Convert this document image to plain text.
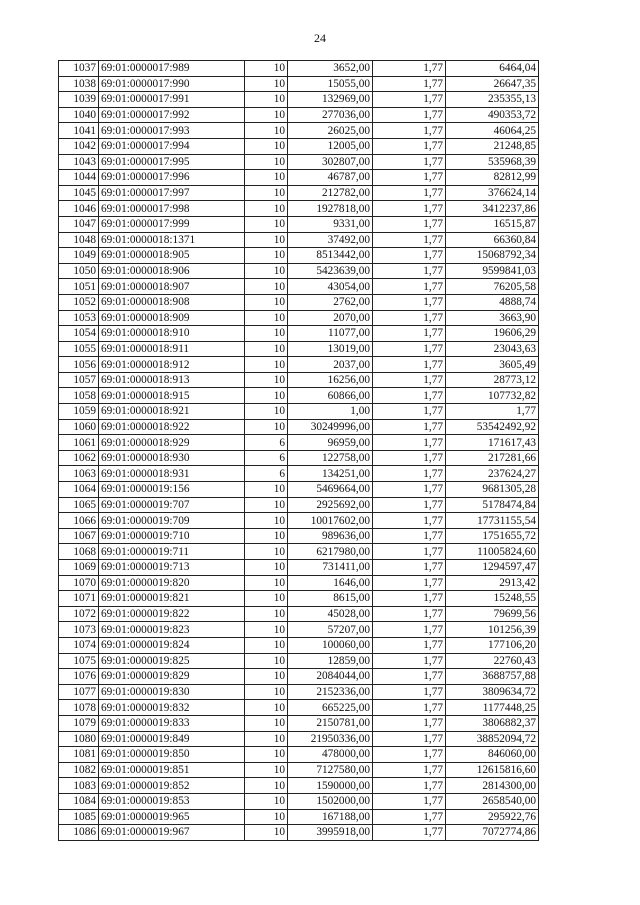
24
1037	69:01:0000017:989	10	3652,00	1,77	6464,04
1038	69:01:0000017:990	10	15055,00	1,77	26647,35
1039	69:01:0000017:991	10	132969,00	1,77	235355,13
1040	69:01:0000017:992	10	277036,00	1,77	490353,72
1041	69:01:0000017:993	10	26025,00	1,77	46064,25
1042	69:01:0000017:994	10	12005,00	1,77	21248,85
1043	69:01:0000017:995	10	302807,00	1,77	535968,39
1044	69:01:0000017:996	10	46787,00	1,77	82812,99
1045	69:01:0000017:997	10	212782,00	1,77	376624,14
1046	69:01:0000017:998	10	1927818,00	1,77	3412237,86
1047	69:01:0000017:999	10	9331,00	1,77	16515,87
1048	69:01:0000018:1371	10	37492,00	1,77	66360,84
1049	69:01:0000018:905	10	8513442,00	1,77	15068792,34
1050	69:01:0000018:906	10	5423639,00	1,77	9599841,03
1051	69:01:0000018:907	10	43054,00	1,77	76205,58
1052	69:01:0000018:908	10	2762,00	1,77	4888,74
1053	69:01:0000018:909	10	2070,00	1,77	3663,90
1054	69:01:0000018:910	10	11077,00	1,77	19606,29
1055	69:01:0000018:911	10	13019,00	1,77	23043,63
1056	69:01:0000018:912	10	2037,00	1,77	3605,49
1057	69:01:0000018:913	10	16256,00	1,77	28773,12
1058	69:01:0000018:915	10	60866,00	1,77	107732,82
1059	69:01:0000018:921	10	1,00	1,77	1,77
1060	69:01:0000018:922	10	30249996,00	1,77	53542492,92
1061	69:01:0000018:929	6	96959,00	1,77	171617,43
1062	69:01:0000018:930	6	122758,00	1,77	217281,66
1063	69:01:0000018:931	6	134251,00	1,77	237624,27
1064	69:01:0000019:156	10	5469664,00	1,77	9681305,28
1065	69:01:0000019:707	10	2925692,00	1,77	5178474,84
1066	69:01:0000019:709	10	10017602,00	1,77	17731155,54
1067	69:01:0000019:710	10	989636,00	1,77	1751655,72
1068	69:01:0000019:711	10	6217980,00	1,77	11005824,60
1069	69:01:0000019:713	10	731411,00	1,77	1294597,47
1070	69:01:0000019:820	10	1646,00	1,77	2913,42
1071	69:01:0000019:821	10	8615,00	1,77	15248,55
1072	69:01:0000019:822	10	45028,00	1,77	79699,56
1073	69:01:0000019:823	10	57207,00	1,77	101256,39
1074	69:01:0000019:824	10	100060,00	1,77	177106,20
1075	69:01:0000019:825	10	12859,00	1,77	22760,43
1076	69:01:0000019:829	10	2084044,00	1,77	3688757,88
1077	69:01:0000019:830	10	2152336,00	1,77	3809634,72
1078	69:01:0000019:832	10	665225,00	1,77	1177448,25
1079	69:01:0000019:833	10	2150781,00	1,77	3806882,37
1080	69:01:0000019:849	10	21950336,00	1,77	38852094,72
1081	69:01:0000019:850	10	478000,00	1,77	846060,00
1082	69:01:0000019:851	10	7127580,00	1,77	12615816,60
1083	69:01:0000019:852	10	1590000,00	1,77	2814300,00
1084	69:01:0000019:853	10	1502000,00	1,77	2658540,00
1085	69:01:0000019:965	10	167188,00	1,77	295922,76
1086	69:01:0000019:967	10	3995918,00	1,77	7072774,86
